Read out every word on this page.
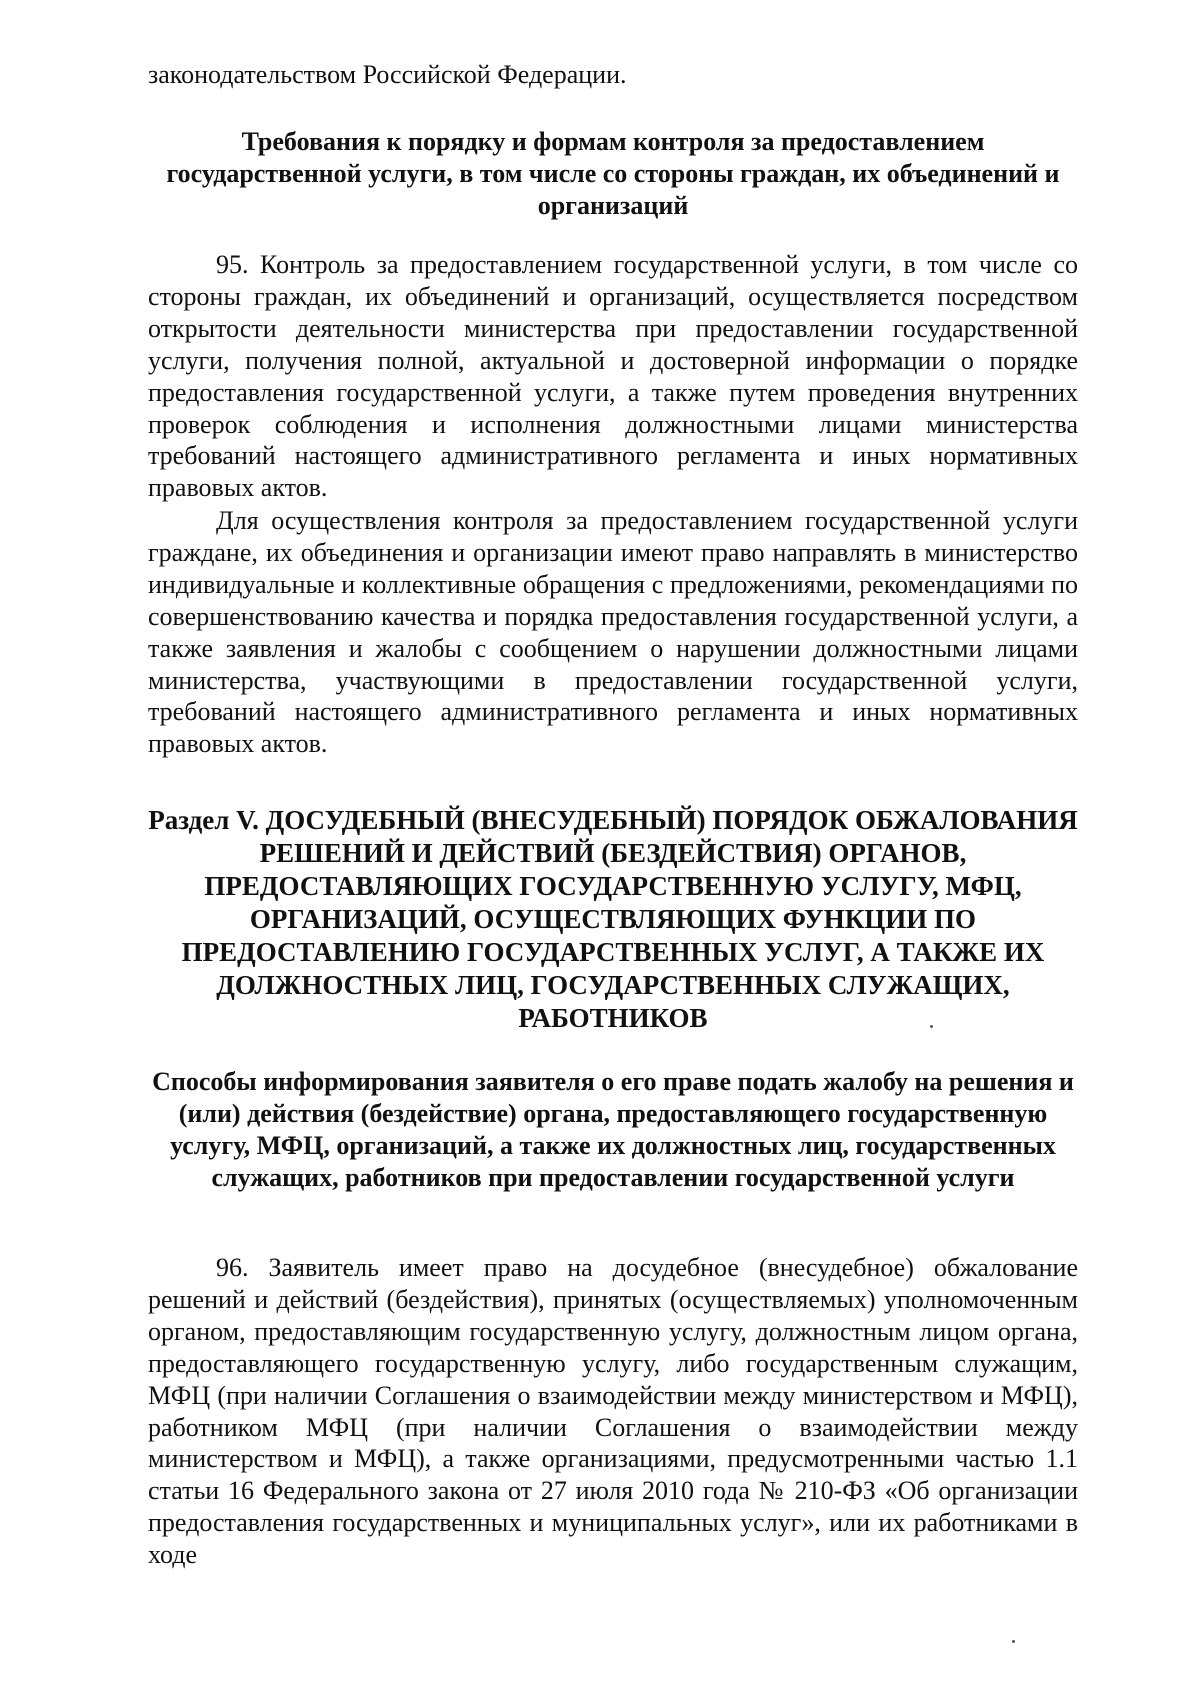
законодательством Российской Федерации.
Требования к порядку и формам контроля за предоставлением государственной услуги, в том числе со стороны граждан, их объединений и организаций

95. Контроль за предоставлением государственной услуги, в том числе со стороны граждан, их объединений и организаций, осуществляется посредством открытости деятельности министерства при предоставлении государственной услуги, получения полной, актуальной и достоверной информации о порядке предоставления государственной услуги, а также путем проведения внутренних проверок соблюдения и исполнения должностными лицами министерства требований настоящего административного регламента и иных нормативных правовых актов.

Для осуществления контроля за предоставлением государственной услуги граждане, их объединения и организации имеют право направлять в министерство индивидуальные и коллективные обращения с предложениями, рекомендациями по совершенствованию качества и порядка предоставления государственной услуги, а также заявления и жалобы с сообщением о нарушении должностными лицами министерства, участвующими в предоставлении государственной услуги, требований настоящего административного регламента и иных нормативных правовых актов.

Раздел V. ДОСУДЕБНЫЙ (ВНЕСУДЕБНЫЙ) ПОРЯДОК ОБЖАЛОВАНИЯ РЕШЕНИЙ И ДЕЙСТВИЙ (БЕЗДЕЙСТВИЯ) ОРГАНОВ, ПРЕДОСТАВЛЯЮЩИХ ГОСУДАРСТВЕННУЮ УСЛУГУ, МФЦ, ОРГАНИЗАЦИЙ, ОСУЩЕСТВЛЯЮЩИХ ФУНКЦИИ ПО ПРЕДОСТАВЛЕНИЮ ГОСУДАРСТВЕННЫХ УСЛУГ, А ТАКЖЕ ИХ ДОЛЖНОСТНЫХ ЛИЦ, ГОСУДАРСТВЕННЫХ СЛУЖАЩИХ, РАБОТНИКОВ
Способы информирования заявителя о его праве подать жалобу на решения и (или) действия (бездействие) органа, предоставляющего государственную услугу, МФЦ, организаций, а также их должностных лиц, государственных служащих, работников при предоставлении государственной услуги

96. Заявитель имеет право на досудебное (внесудебное) обжалование решений и действий (бездействия), принятых (осуществляемых) уполномоченным органом, предоставляющим государственную услугу, должностным лицом органа, предоставляющего государственную услугу, либо государственным служащим, МФЦ (при наличии Соглашения о взаимодействии между министерством и МФЦ), работником МФЦ (при наличии Соглашения о взаимодействии между министерством и МФЦ), а также организациями, предусмотренными частью 1.1 статьи 16 Федерального закона от 27 июля 2010 года № 210-ФЗ «Об организации предоставления государственных и муниципальных услуг», или их работниками в ходе
